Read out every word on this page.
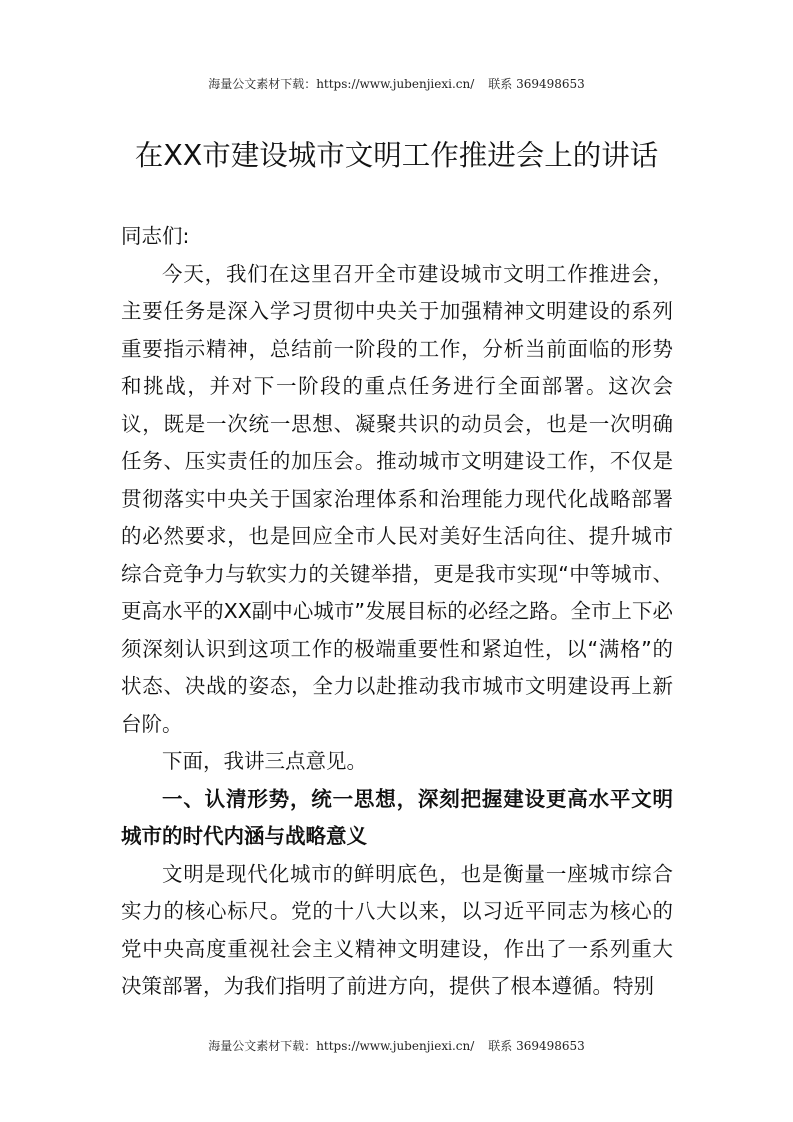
海量公文素材下载：https://www.jubenjiexi.cn/ 联系 369498653
在XX市建设城市文明工作推进会上的讲话

同志们:

今天，我们在这里召开全市建设城市文明工作推进会，主要任务是深入学习贯彻中央关于加强精神文明建设的系列重要指示精神，总结前一阶段的工作，分析当前面临的形势和挑战，并对下一阶段的重点任务进行全面部署。这次会议，既是一次统一思想、凝聚共识的动员会，也是一次明确任务、压实责任的加压会。推动城市文明建设工作，不仅是贯彻落实中央关于国家治理体系和治理能力现代化战略部署的必然要求，也是回应全市人民对美好生活向往、提升城市综合竞争力与软实力的关键举措，更是我市实现“中等城市、更高水平的XX副中心城市”发展目标的必经之路。全市上下必须深刻认识到这项工作的极端重要性和紧迫性，以“满格”的状态、决战的姿态，全力以赴推动我市城市文明建设再上新台阶。

下面，我讲三点意见。

一、认清形势，统一思想，深刻把握建设更高水平文明城市的时代内涵与战略意义

文明是现代化城市的鲜明底色，也是衡量一座城市综合实力的核心标尺。党的十八大以来，以习近平同志为核心的党中央高度重视社会主义精神文明建设，作出了一系列重大决策部署，为我们指明了前进方向，提供了根本遵循。特别

海量公文素材下载：https://www.jubenjiexi.cn/ 联系 369498653
